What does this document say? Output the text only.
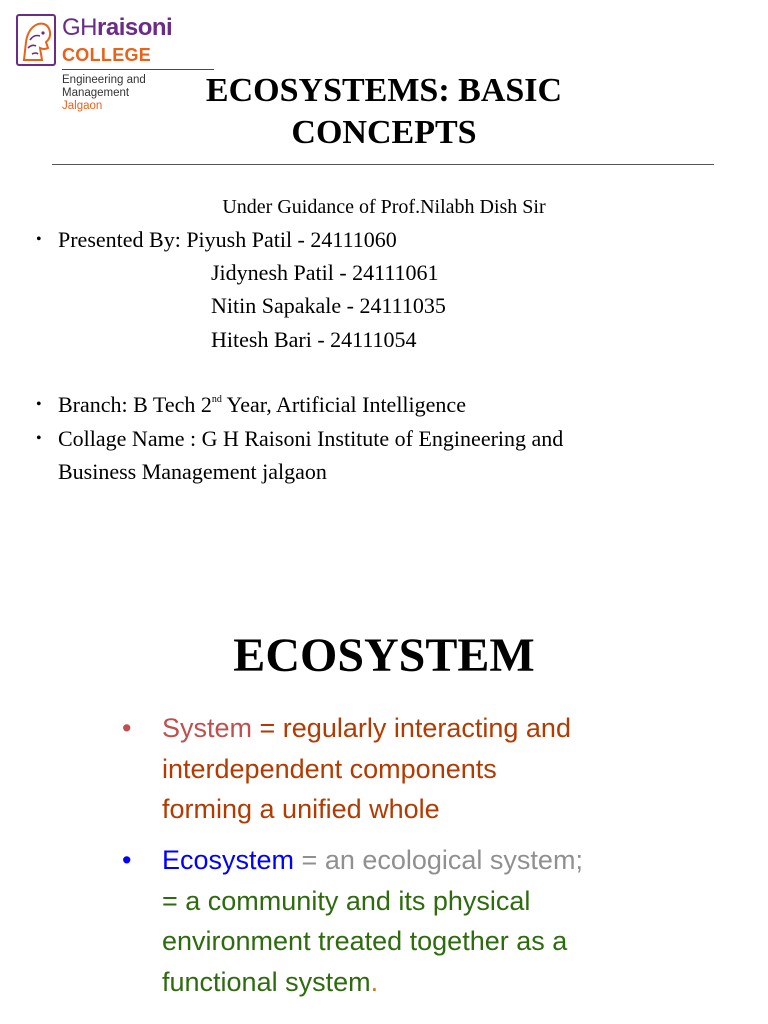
GHraisoni
COLLEGE
Engineering and
Management
Jalgaon	ECOSYSTEMS: BASIC
CONCEPTS
Under Guidance of Prof.Nilabh Dish Sir
• Presented By: Piyush Patil - 24111060
Jidynesh Patil - 24111061
Nitin Sapakale - 24111035
Hitesh Bari - 24111054
• Branch: B Tech 2nd Year, Artificial Intelligence
• Collage Name : G H Raisoni Institute of Engineering and
Business Management jalgaon
ECOSYSTEM
• System = regularly interacting and
interdependent components
forming a unified whole
• Ecosystem = an ecological system;
= a community and its physical
environment treated together as a
functional system.
